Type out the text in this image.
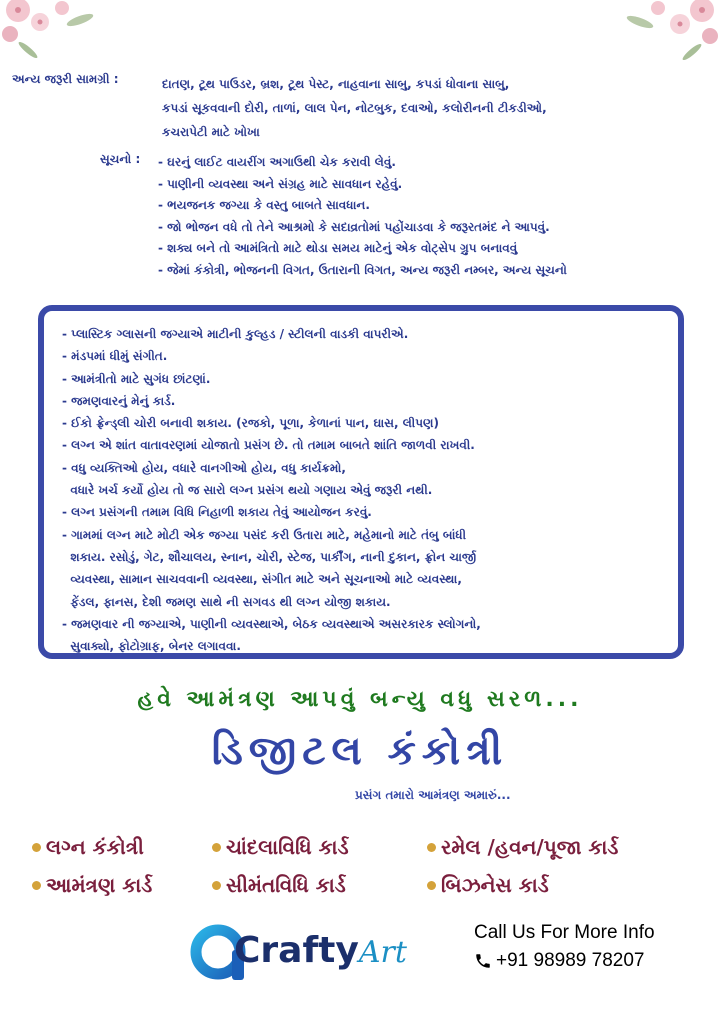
અન્ય જરૂરી સામગ્રી :	દાતણ, ટૂથ પાઉડર, બ્રશ, ટૂથ પેસ્ટ, નાહવાના સાબુ, કપડાં ધોવાના સાબુ,
કપડાં સૂકવવાની દોરી, તાળાં, લાલ પેન, નોટબુક, દવાઓ, કલોરીનની ટીકડીઓ,
કચરાપેટી માટે ખોખા
સૂચનો :	- ઘરનું લાઈટ વાયરીંગ અગાઉથી ચેક કરાવી લેવું.
- પાણીની વ્યવસ્થા અને સંગ્રહ માટે સાવધાન રહેવું.
- ભયજનક જગ્યા કે વસ્તુ બાબતે સાવધાન.
- જો ભોજન વધે તો તેને આશ્રમો કે સદાવ્રતોમાં પહોંચાડવા કે જરૂરતમંદ ને આપવું.
- શક્ય બને તો આમંત્રિતો માટે થોડા સમય માટેનું એક વોટ્સેપ ગ્રુપ બનાવવું
- જેમાં કંકોત્રી, ભોજનની વિગત, ઉતારાની વિગત, અન્ય જરૂરી નમ્બર, અન્ય સૂચનો
- પ્લાસ્ટિક ગ્લાસની જગ્યાએ માટીની કુલ્હડ / સ્ટીલની વાડકી વાપરીએ.
- મંડપમાં ધીમું સંગીત.
- આમંત્રીતો માટે સુગંધ છાંટણાં.
- જમણવારનું મેનું કાર્ડ.
- ઈકો ફ્રેન્ડ્લી ચોરી બનાવી શકાય. (રજકો, પૂળા, કેળાનાં પાન, ઘાસ, લીપણ)
- લગ્ન એ શાંત વાતાવરણમાં યોજાતો પ્રસંગ છે. તો તમામ બાબતે શાંતિ જાળવી રાખવી.
- વધુ વ્યક્તિઓ હોય, વધારે વાનગીઓ હોય, વધુ કાર્યક્રમો,
વધારે ખર્ચ કર્યો હોય તો જ સારો લગ્ન પ્રસંગ થયો ગણાય એવું જરૂરી નથી.
- લગ્ન પ્રસંગની તમામ વિધિ નિહાળી શકાય તેવું આયોજન કરવું.
- ગામમાં લગ્ન માટે મોટી એક જગ્યા પસંદ કરી ઉતારા માટે, મહેમાનો માટે તંબુ બાંધી
શકાય. રસોડું, ગેટ, શૌચાલય, સ્નાન, ચોરી, સ્ટેજ, પાર્કીંગ, નાની દુકાન, ફ્રોન ચાર્જી
વ્યવસ્થા, સામાન સાચવવાની વ્યવસ્થા, સંગીત માટે અને સૂચનાઓ માટે વ્યવસ્થા,
ફેંડલ, ફાનસ, દેશી જમણ સાથે ની સગવડ થી લગ્ન યોજી શકાય.
- જમણવાર ની જગ્યાએ, પાણીની વ્યવસ્થાએ, બેઠક વ્યવસ્થાએ અસરકારક સ્લોગનો,
સુવાક્યો, ફોટોગ્રાફ, બેનર લગાવવા.
હવે આમંત્રણ આપવું બન્યુ વધુ સરળ...
ડિજીટલ કંકોત્રી
પ્રસંગ તમારો આમંત્રણ અમારું...
લગ્ન કંકોત્રી	ચાંદલાવિધિ કાર્ડ	રમેલ /હવન/પૂજા કાર્ડ
આમંત્રણ કાર્ડ	સીમંતવિધિ કાર્ડ	બિઝનેસ કાર્ડ
CraftyArt
Call Us For More Info
+91 98989 78207
